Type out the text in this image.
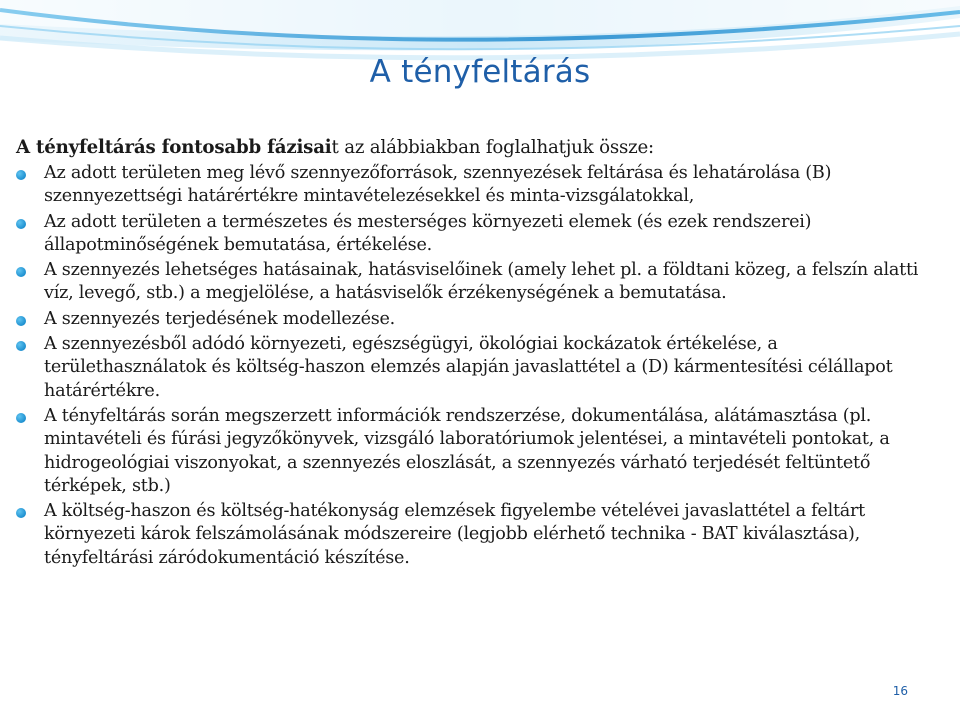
A tényfeltárás

A tényfeltárás fontosabb fázisait az alábbiakban foglalhatjuk össze:

Az adott területen meg lévő szennyezőforrások, szennyezések feltárása és lehatárolása (B) szennyezettségi határértékre mintavételezésekkel és minta-vizsgálatokkal,
Az adott területen a természetes és mesterséges környezeti elemek (és ezek rendszerei) állapotminőségének bemutatása, értékelése.
A szennyezés lehetséges hatásainak, hatásviselőinek (amely lehet pl. a földtani közeg, a felszín alatti víz, levegő, stb.) a megjelölése, a hatásviselők érzékenységének a bemutatása.
A szennyezés terjedésének modellezése.
A szennyezésből adódó környezeti, egészségügyi, ökológiai kockázatok értékelése, a területhasználatok és költség-haszon elemzés alapján javaslattétel a (D) kármentesítési célállapot határértékre.
A tényfeltárás során megszerzett információk rendszerzése, dokumentálása, alátámasztása (pl. mintavételi és fúrási jegyzőkönyvek, vizsgáló laboratóriumok jelentései, a mintavételi pontokat, a hidrogeológiai viszonyokat, a szennyezés eloszlását, a szennyezés várható terjedését feltüntető térképek, stb.)
A költség-haszon és költség-hatékonyság elemzések figyelembe vételévei javaslattétel a feltárt környezeti károk felszámolásának módszereire (legjobb elérhető technika - BAT kiválasztása), tényfeltárási záródokumentáció készítése.
16
